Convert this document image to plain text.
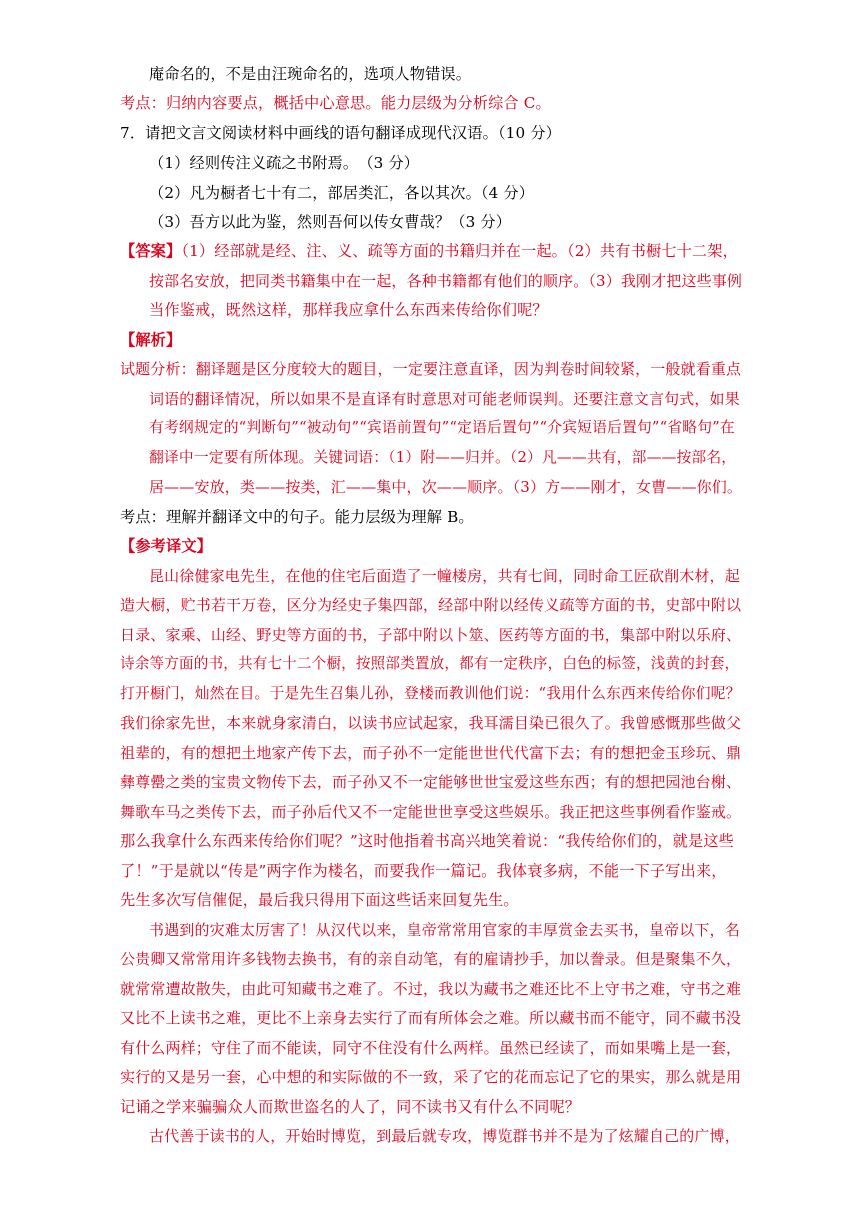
庵命名的，不是由汪琬命名的，选项人物错误。
考点：归纳内容要点，概括中心意思。能力层级为分析综合 C。
7．请把文言文阅读材料中画线的语句翻译成现代汉语。（10 分）
（1）经则传注义疏之书附焉。　（3 分）
（2）凡为橱者七十有二，部居类汇，各以其次。（4 分）
（3）吾方以此为鉴，然则吾何以传女曹哉？（3 分）
【答案】（1）经部就是经、注、义、疏等方面的书籍归并在一起。（2）共有书橱七十二架，
按部名安放，把同类书籍集中在一起，各种书籍都有他们的顺序。（3）我刚才把这些事例
当作鉴戒，既然这样，那样我应拿什么东西来传给你们呢？
【解析】
试题分析：翻译题是区分度较大的题目，一定要注意直译，因为判卷时间较紧，一般就看重点
词语的翻译情况，所以如果不是直译有时意思对可能老师误判。还要注意文言句式，如果
有考纲规定的“判断句”“被动句”“宾语前置句”“定语后置句”“介宾短语后置句”“省略句”在
翻译中一定要有所体现。关键词语：（1）附——归并。（2）凡——共有，部——按部名，
居——安放，类——按类，汇——集中，次——顺序。（3）方——刚才，女曹——你们。
考点：理解并翻译文中的句子。能力层级为理解 B。
【参考译文】
昆山徐健家电先生，在他的住宅后面造了一幢楼房，共有七间，同时命工匠砍削木材，起
造大橱，贮书若干万卷，区分为经史子集四部，经部中附以经传义疏等方面的书，史部中附以
日录、家乘、山经、野史等方面的书，子部中附以卜筮、医药等方面的书，集部中附以乐府、
诗余等方面的书，共有七十二个橱，按照部类置放，都有一定秩序，白色的标签，浅黄的封套，
打开橱门，灿然在目。于是先生召集儿孙，登楼而教训他们说：“我用什么东西来传给你们呢？
我们徐家先世，本来就身家清白，以读书应试起家，我耳濡目染已很久了。我曾感慨那些做父
祖辈的，有的想把土地家产传下去，而子孙不一定能世世代代富下去；有的想把金玉珍玩、鼎
彝尊罍之类的宝贵文物传下去，而子孙又不一定能够世世宝爱这些东西；有的想把园池台榭、
舞歌车马之类传下去，而子孙后代又不一定能世世享受这些娱乐。我正把这些事例看作鉴戒。
那么我拿什么东西来传给你们呢？”这时他指着书高兴地笑着说：“我传给你们的，就是这些
了！”于是就以“传是”两字作为楼名，而要我作一篇记。我体衰多病，不能一下子写出来，
先生多次写信催促，最后我只得用下面这些话来回复先生。
书遇到的灾难太厉害了！从汉代以来，皇帝常常用官家的丰厚赏金去买书，皇帝以下，名
公贵卿又常常用许多钱物去换书，有的亲自动笔，有的雇请抄手，加以誊录。但是聚集不久，
就常常遭故散失，由此可知藏书之难了。不过，我以为藏书之难还比不上守书之难，守书之难
又比不上读书之难，更比不上亲身去实行了而有所体会之难。所以藏书而不能守，同不藏书没
有什么两样；守住了而不能读，同守不住没有什么两样。虽然已经读了，而如果嘴上是一套，
实行的又是另一套，心中想的和实际做的不一致，采了它的花而忘记了它的果实，那么就是用
记诵之学来骗骗众人而欺世盗名的人了，同不读书又有什么不同呢？
古代善于读书的人，开始时博览，到最后就专攻，博览群书并不是为了炫耀自己的广博，
